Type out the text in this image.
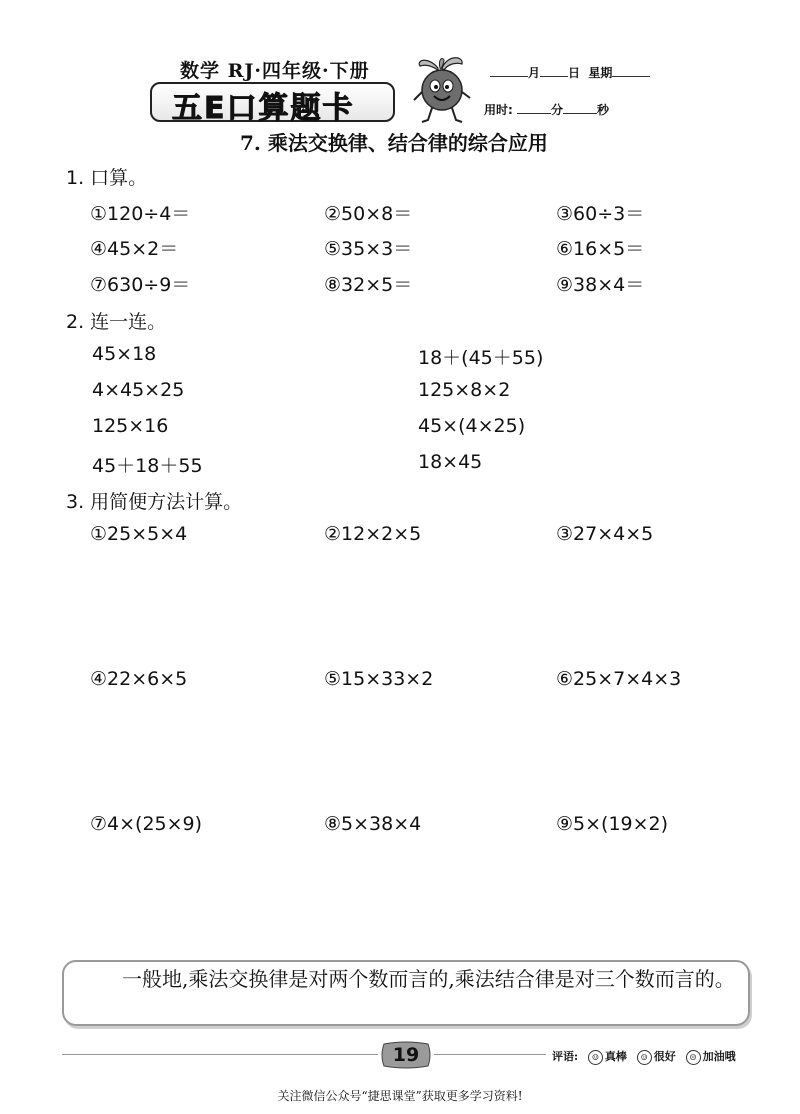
数学 RJ·四年级·下册
五E口算题卡
月 日 星期
用时:	分	秒
7. 乘法交换律、结合律的综合应用
1. 口算。
①120÷4＝	②50×8＝	③60÷3＝
④45×2＝	⑤35×3＝	⑥16×5＝
⑦630÷9＝	⑧32×5＝	⑨38×4＝
2. 连一连。
45×18
4×45×25
125×16
45＋18＋55
18＋(45＋55)
125×8×2
45×(4×25)
18×45
3. 用简便方法计算。
①25×5×4	②12×2×5	③27×4×5
④22×6×5	⑤15×33×2	⑥25×7×4×3
⑦4×(25×9)	⑧5×38×4	⑨5×(19×2)
一般地,乘法交换律是对两个数而言的,乘法结合律是对三个数而言的。
19	评语: ☺ 真棒 ☺ 很好 ☹ 加油哦
关注微信公众号“捷思课堂”获取更多学习资料!
